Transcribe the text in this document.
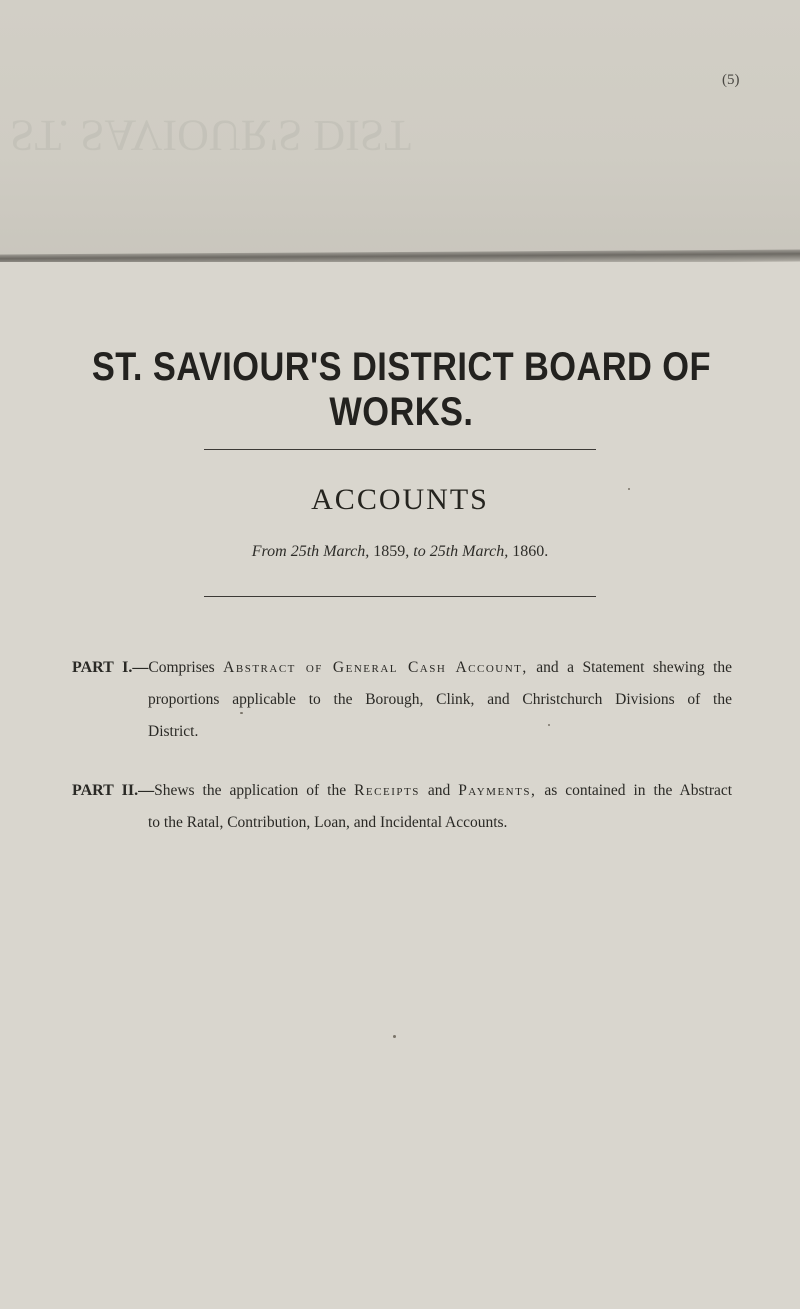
ST. SAVIOUR'S DIST
(5)
ST. SAVIOUR'S DISTRICT BOARD OF WORKS.
ACCOUNTS
From 25th March, 1859, to 25th March, 1860.
PART I.—Comprises Abstract of General Cash Account, and a Statement shewing the
proportions applicable to the Borough, Clink, and Christchurch Divisions of the
District.
PART II.—Shews the application of the Receipts and Payments, as contained in the Abstract
to the Ratal, Contribution, Loan, and Incidental Accounts.
